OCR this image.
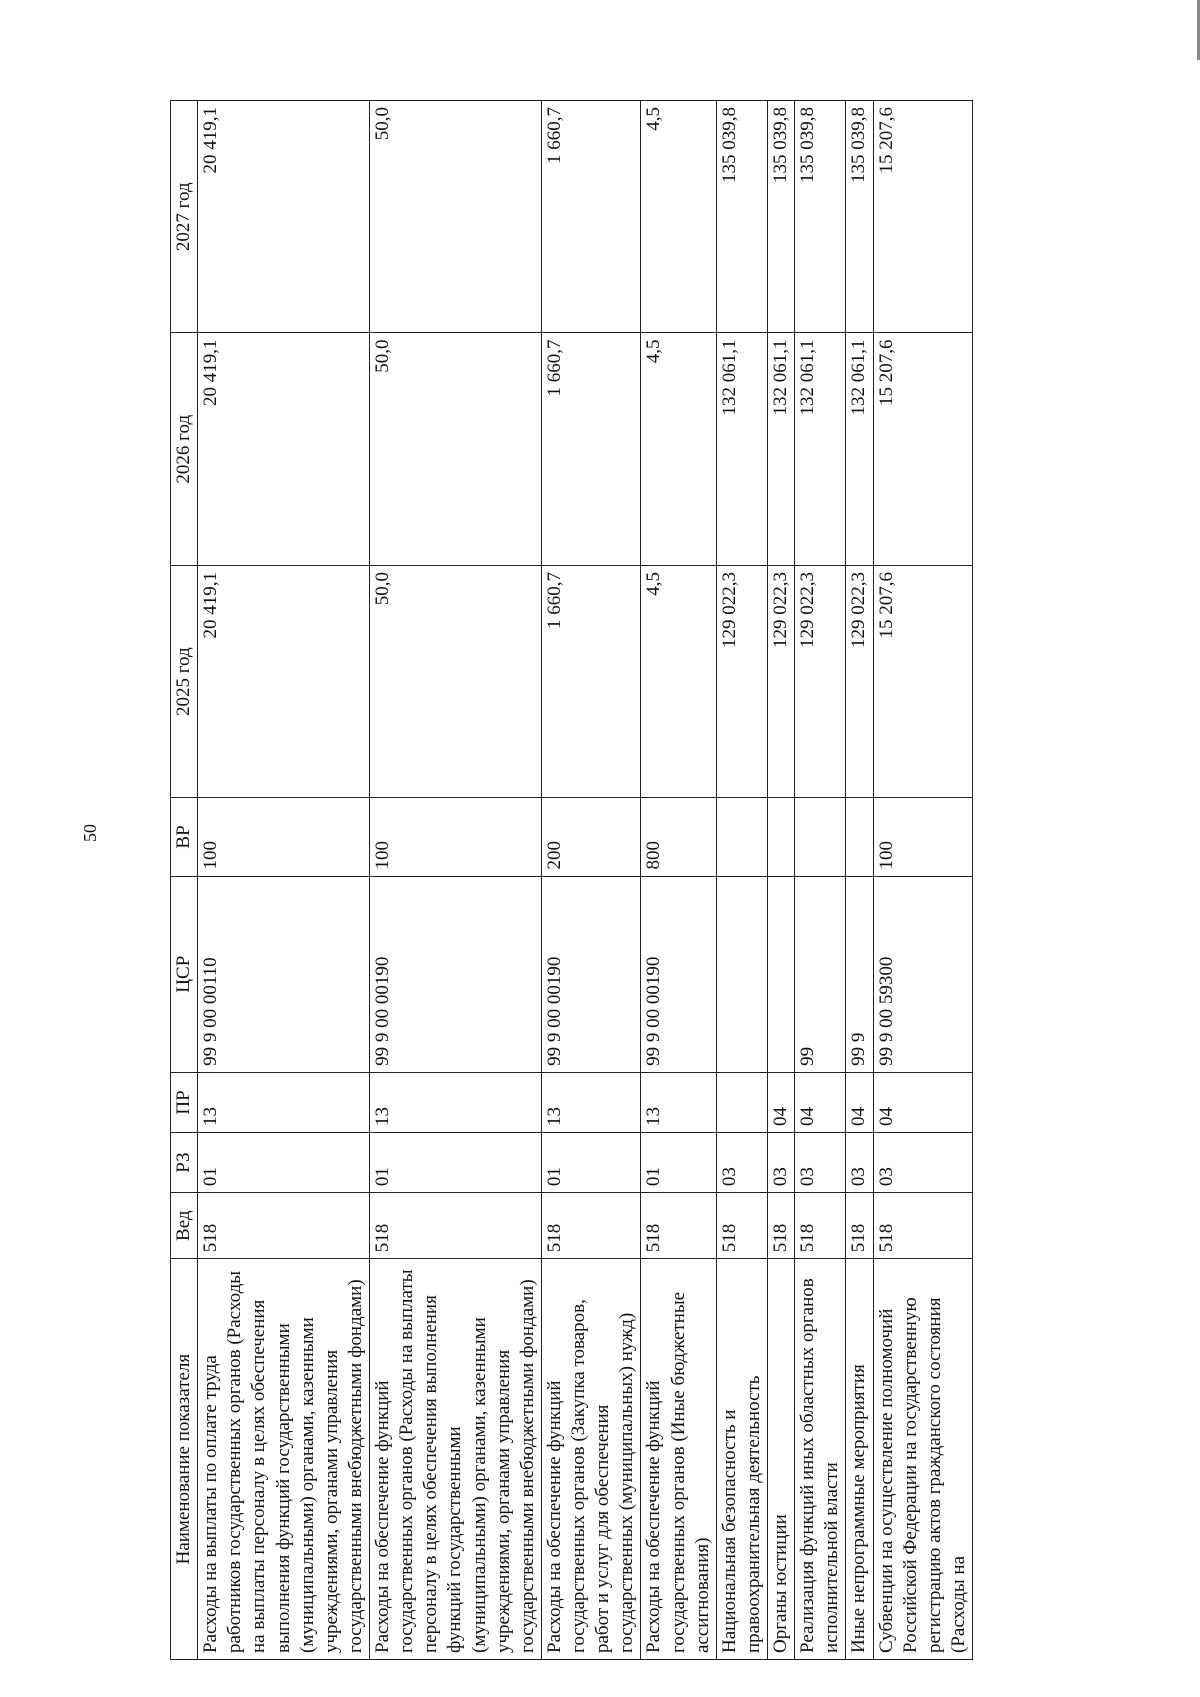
50
Наименование показателя	Вед	РЗ	ПР	ЦСР	ВР	2025 год	2026 год	2027 год
Расходы на выплаты по оплате труда работников государственных органов (Расходы на выплаты персоналу в целях обеспечения выполнения функций государственными (муниципальными) органами, казенными учреждениями, органами управления государственными внебюджетными фондами)	518	01	13	99 9 00 00110	100	20 419,1	20 419,1	20 419,1
Расходы на обеспечение функций государственных органов (Расходы на выплаты персоналу в целях обеспечения выполнения функций государственными (муниципальными) органами, казенными учреждениями, органами управления государственными внебюджетными фондами)	518	01	13	99 9 00 00190	100	50,0	50,0	50,0
Расходы на обеспечение функций государственных органов (Закупка товаров, работ и услуг для обеспечения государственных (муниципальных) нужд)	518	01	13	99 9 00 00190	200	1 660,7	1 660,7	1 660,7
Расходы на обеспечение функций государственных органов (Иные бюджетные ассигнования)	518	01	13	99 9 00 00190	800	4,5	4,5	4,5
Национальная безопасность и правоохранительная деятельность	518	03				129 022,3	132 061,1	135 039,8
Органы юстиции	518	03	04			129 022,3	132 061,1	135 039,8
Реализация функций иных областных органов исполнительной власти	518	03	04	99		129 022,3	132 061,1	135 039,8
Иные непрограммные мероприятия	518	03	04	99 9		129 022,3	132 061,1	135 039,8
Субвенции на осуществление полномочий Российской Федерации на государственную регистрацию актов гражданского состояния (Расходы на	518	03	04	99 9 00 59300	100	15 207,6	15 207,6	15 207,6
